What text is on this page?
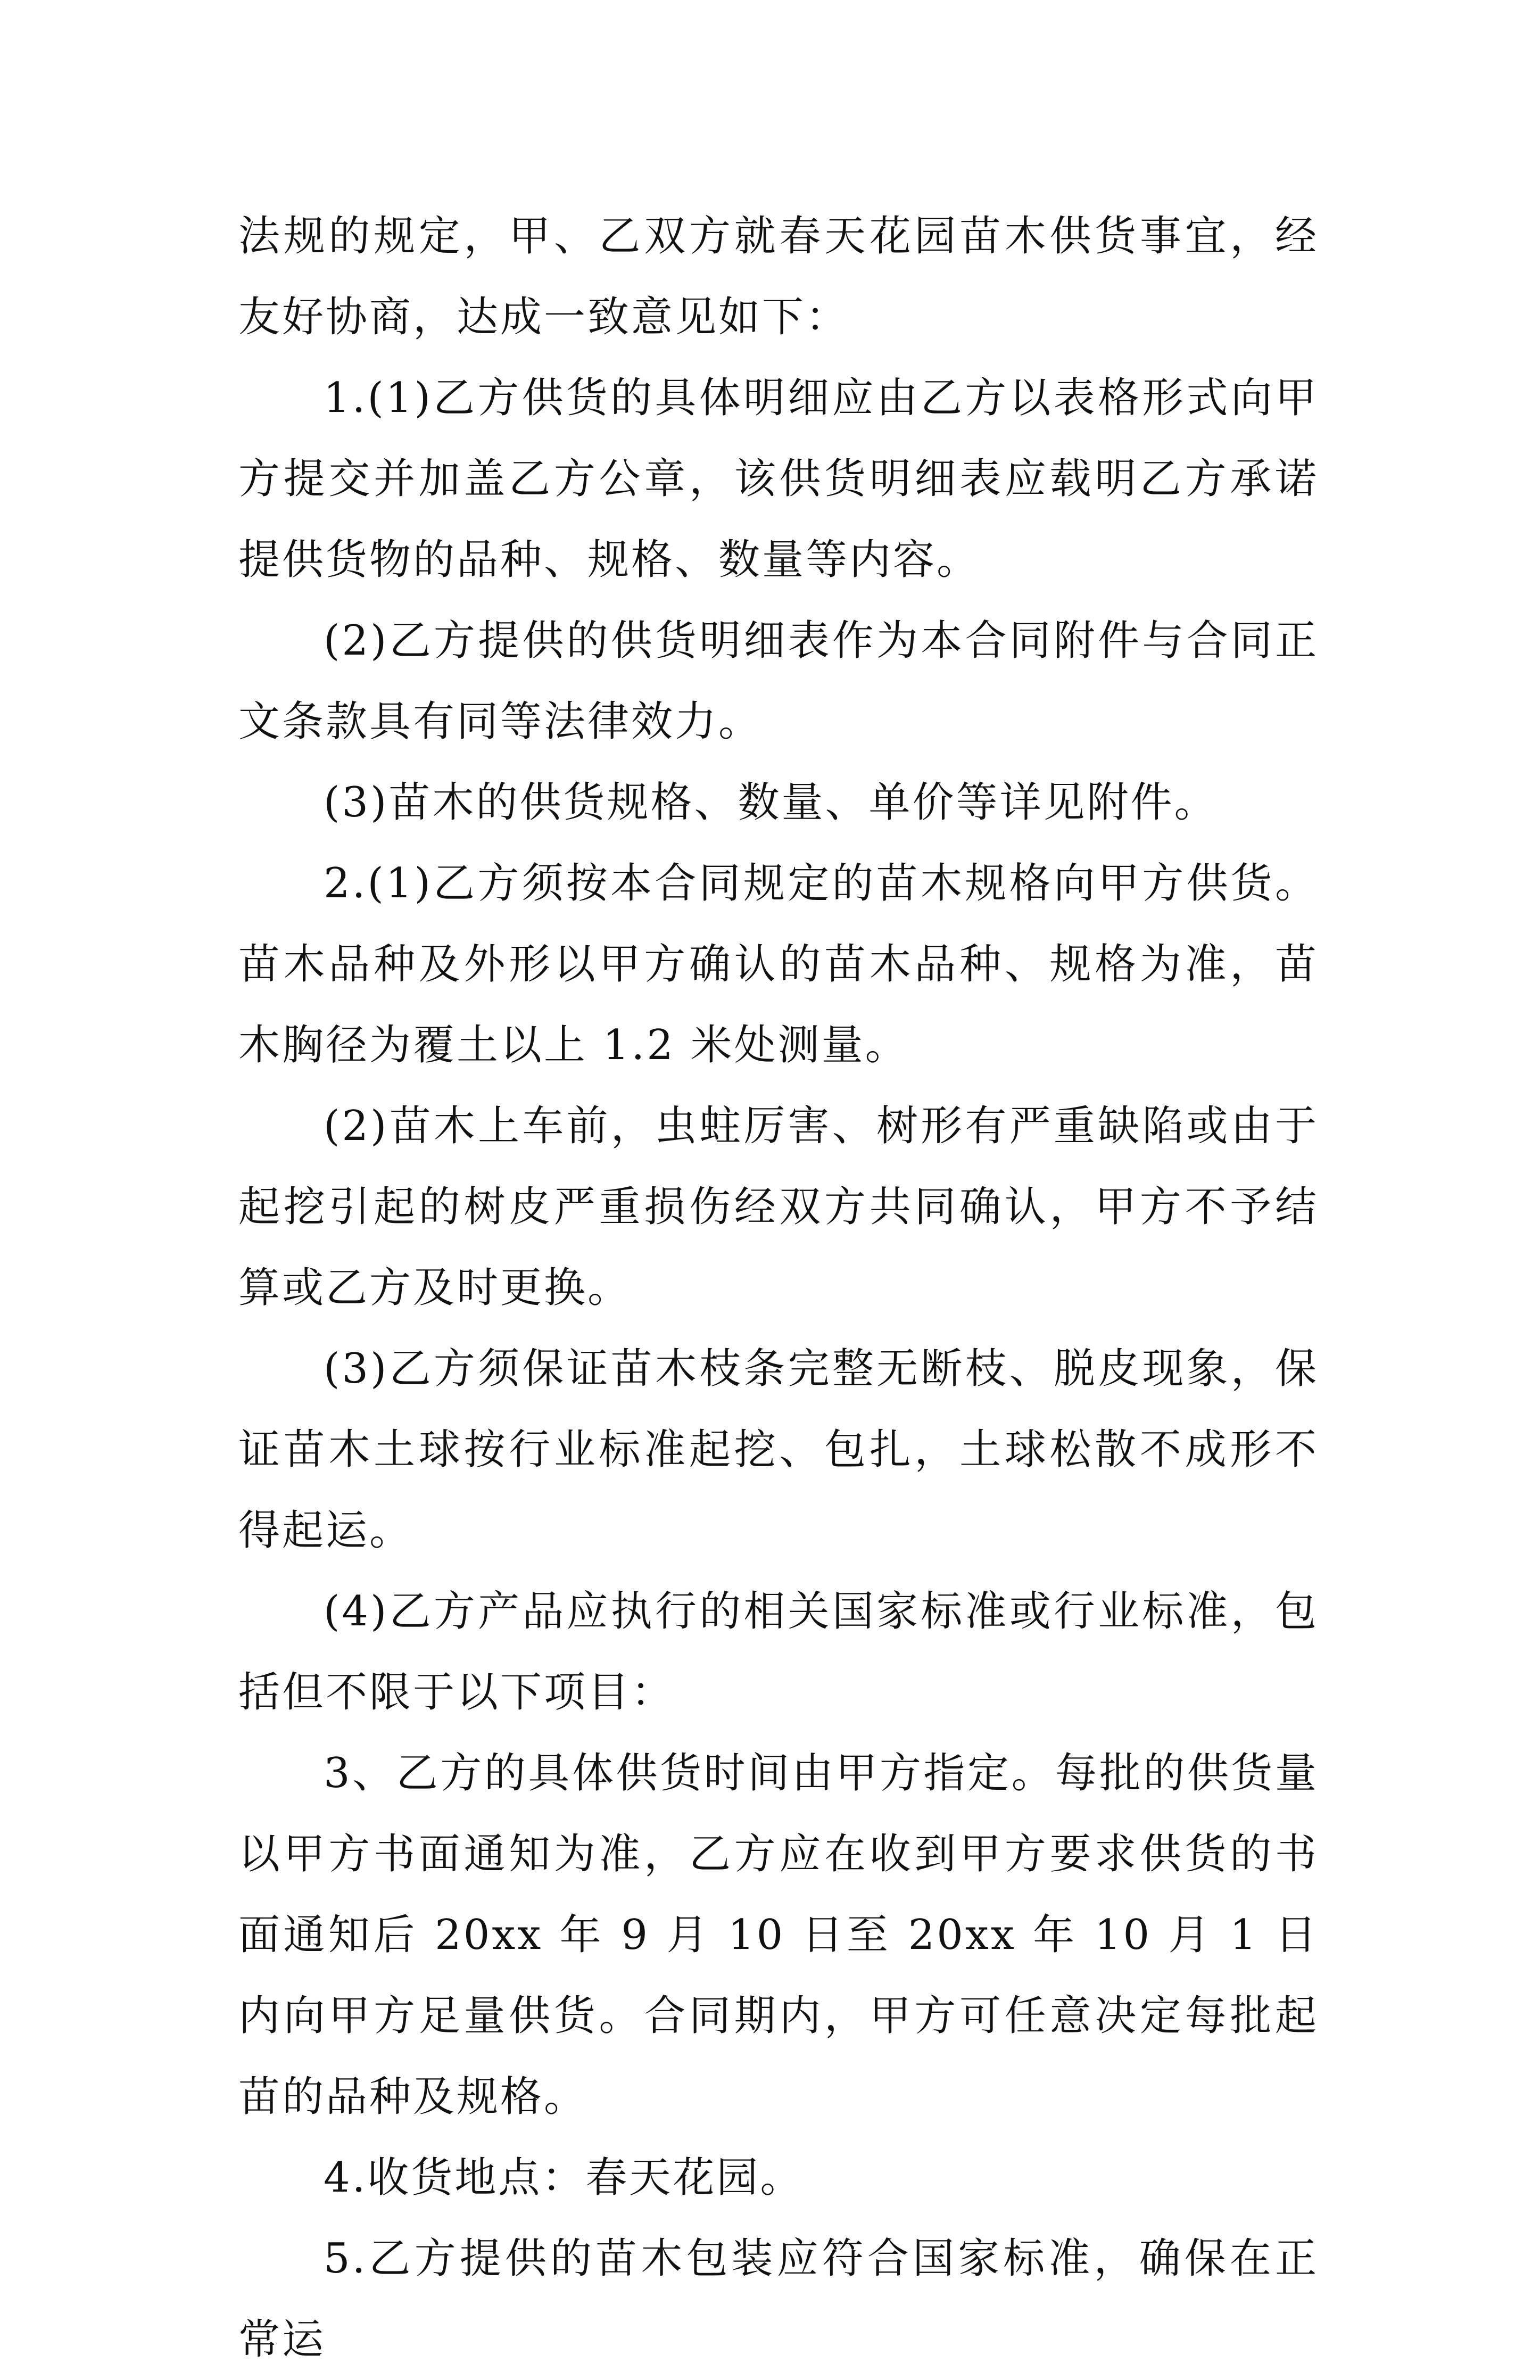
法规的规定，甲、乙双方就春天花园苗木供货事宜，经友好协商，达成一致意见如下：

1.(1)乙方供货的具体明细应由乙方以表格形式向甲方提交并加盖乙方公章，该供货明细表应载明乙方承诺提供货物的品种、规格、数量等内容。

(2)乙方提供的供货明细表作为本合同附件与合同正文条款具有同等法律效力。

(3)苗木的供货规格、数量、单价等详见附件。

2.(1)乙方须按本合同规定的苗木规格向甲方供货。苗木品种及外形以甲方确认的苗木品种、规格为准，苗木胸径为覆土以上 1.2 米处测量。

(2)苗木上车前，虫蛀厉害、树形有严重缺陷或由于起挖引起的树皮严重损伤经双方共同确认，甲方不予结算或乙方及时更换。

(3)乙方须保证苗木枝条完整无断枝、脱皮现象，保证苗木土球按行业标准起挖、包扎，土球松散不成形不得起运。

(4)乙方产品应执行的相关国家标准或行业标准，包括但不限于以下项目：

3、乙方的具体供货时间由甲方指定。每批的供货量以甲方书面通知为准，乙方应在收到甲方要求供货的书面通知后 20xx 年 9 月 10 日至 20xx 年 10 月 1 日内向甲方足量供货。合同期内，甲方可任意决定每批起苗的品种及规格。

4.收货地点：春天花园。

5.乙方提供的苗木包装应符合国家标准，确保在正常运
